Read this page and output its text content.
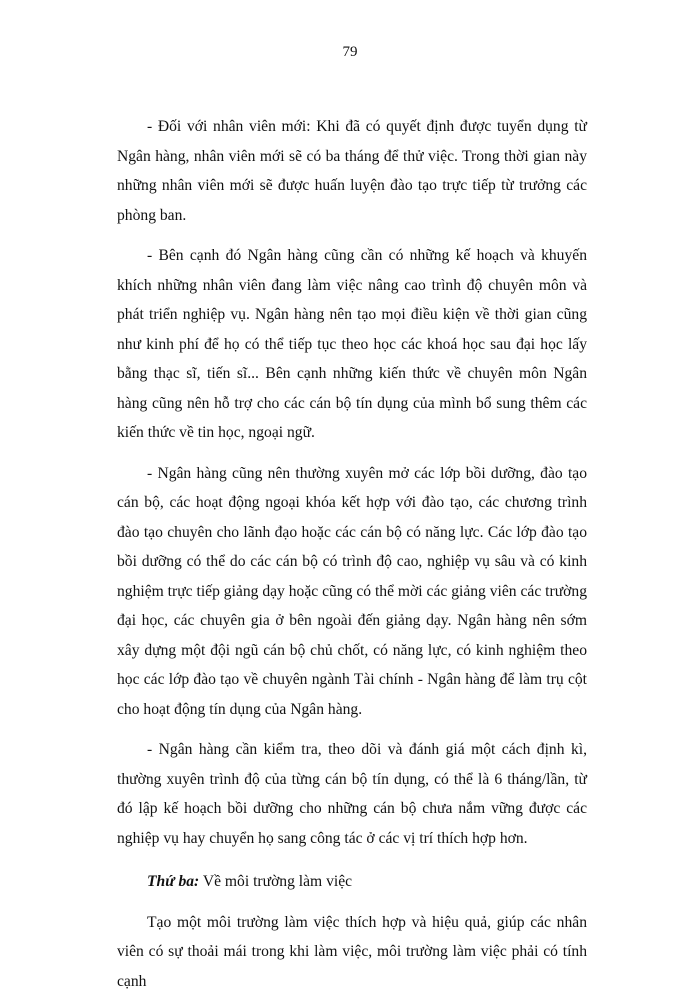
79

- Đối với nhân viên mới: Khi đã có quyết định được tuyển dụng từ Ngân hàng, nhân viên mới sẽ có ba tháng để thử việc. Trong thời gian này những nhân viên mới sẽ được huấn luyện đào tạo trực tiếp từ trưởng các phòng ban.

- Bên cạnh đó Ngân hàng cũng cần có những kế hoạch và khuyến khích những nhân viên đang làm việc nâng cao trình độ chuyên môn và phát triển nghiệp vụ. Ngân hàng nên tạo mọi điều kiện về thời gian cũng như kinh phí để họ có thể tiếp tục theo học các khoá học sau đại học lấy bằng thạc sĩ, tiến sĩ... Bên cạnh những kiến thức về chuyên môn Ngân hàng cũng nên hỗ trợ cho các cán bộ tín dụng của mình bổ sung thêm các kiến thức về tin học, ngoại ngữ.

- Ngân hàng cũng nên thường xuyên mở các lớp bồi dưỡng, đào tạo cán bộ, các hoạt động ngoại khóa kết hợp với đào tạo, các chương trình đào tạo chuyên cho lãnh đạo hoặc các cán bộ có năng lực. Các lớp đào tạo bồi dưỡng có thể do các cán bộ có trình độ cao, nghiệp vụ sâu và có kinh nghiệm trực tiếp giảng dạy hoặc cũng có thể mời các giảng viên các trường đại học, các chuyên gia ở bên ngoài đến giảng dạy. Ngân hàng nên sớm xây dựng một đội ngũ cán bộ chủ chốt, có năng lực, có kinh nghiệm theo học các lớp đào tạo về chuyên ngành Tài chính - Ngân hàng để làm trụ cột cho hoạt động tín dụng của Ngân hàng.

- Ngân hàng cần kiểm tra, theo dõi và đánh giá một cách định kì, thường xuyên trình độ của từng cán bộ tín dụng, có thể là 6 tháng/lần, từ đó lập kế hoạch bồi dưỡng cho những cán bộ chưa nắm vững được các nghiệp vụ hay chuyển họ sang công tác ở các vị trí thích hợp hơn.

Thứ ba: Về môi trường làm việc

Tạo một môi trường làm việc thích hợp và hiệu quả, giúp các nhân viên có sự thoải mái trong khi làm việc, môi trường làm việc phải có tính cạnh
